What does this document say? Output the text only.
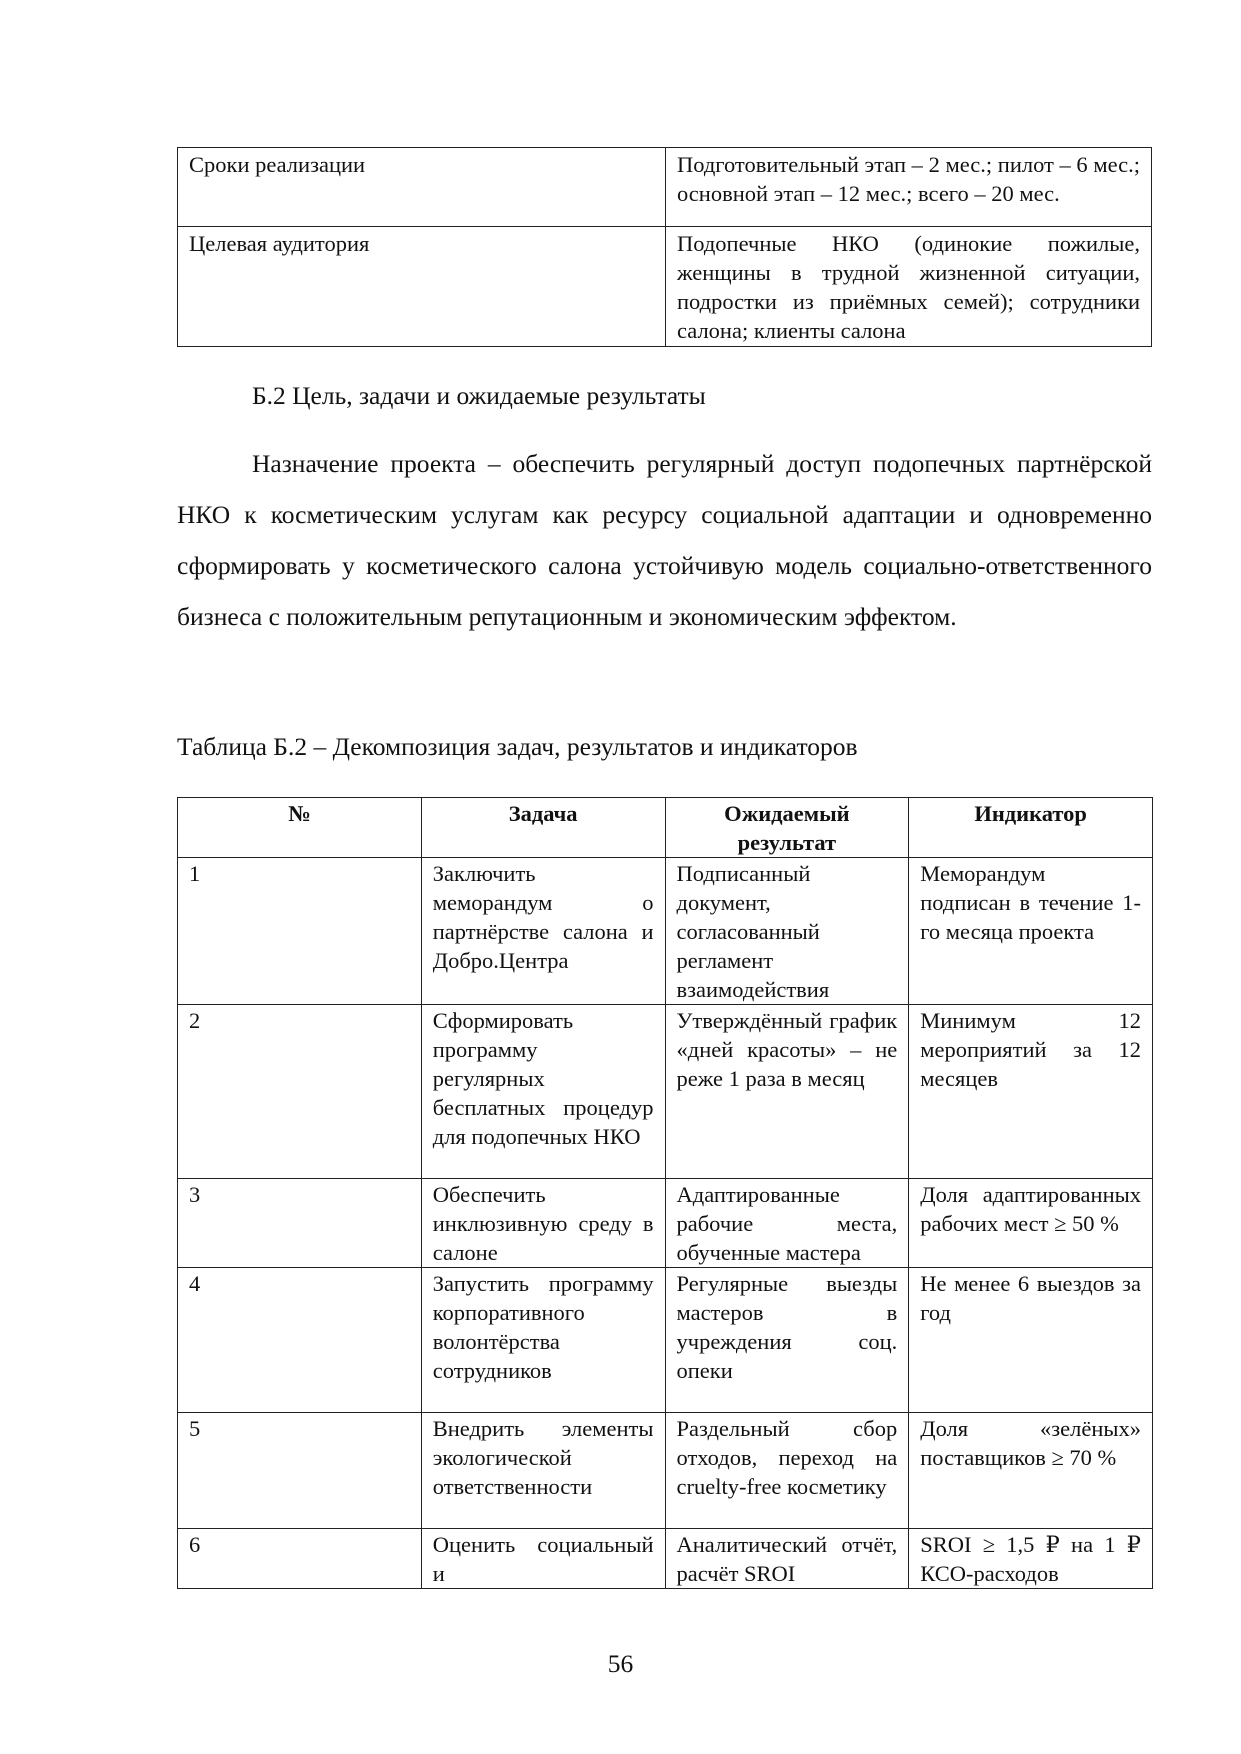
Сроки реализации	Подготовительный этап – 2 мес.; пилот – 6 мес.; основной этап – 12 мес.; всего – 20 мес.
Целевая аудитория	Подопечные НКО (одинокие пожилые, женщины в трудной жизненной ситуации, подростки из приёмных семей); сотрудники салона; клиенты салона
Б.2 Цель, задачи и ожидаемые результаты

Назначение проекта – обеспечить регулярный доступ подопечных партнёрской НКО к косметическим услугам как ресурсу социальной адаптации и одновременно сформировать у косметического салона устойчивую модель социально-ответственного бизнеса с положительным репутационным и экономическим эффектом.

Таблица Б.2 – Декомпозиция задач, результатов и индикаторов
№	Задача	Ожидаемый результат	Индикатор
1	Заключить меморандум о партнёрстве салона и Добро.Центра	Подписанный документ, согласованный регламент взаимодействия	Меморандум подписан в течение 1-го месяца проекта
2	Сформировать программу регулярных бесплатных процедур для подопечных НКО	Утверждённый график «дней красоты» – не реже 1 раза в месяц	Минимум 12 мероприятий за 12 месяцев
3	Обеспечить инклюзивную среду в салоне	Адаптированные рабочие места, обученные мастера	Доля адаптированных рабочих мест ≥ 50 %
4	Запустить программу корпоративного волонтёрства сотрудников	Регулярные выезды мастеров в учреждения соц. опеки	Не менее 6 выездов за год
5	Внедрить элементы экологической ответственности	Раздельный сбор отходов, переход на cruelty-free косметику	Доля «зелёных» поставщиков ≥ 70 %
6	Оценить социальный и	Аналитический отчёт, расчёт SROI	SROI ≥ 1,5 ₽ на 1 ₽ КСО-расходов
56
